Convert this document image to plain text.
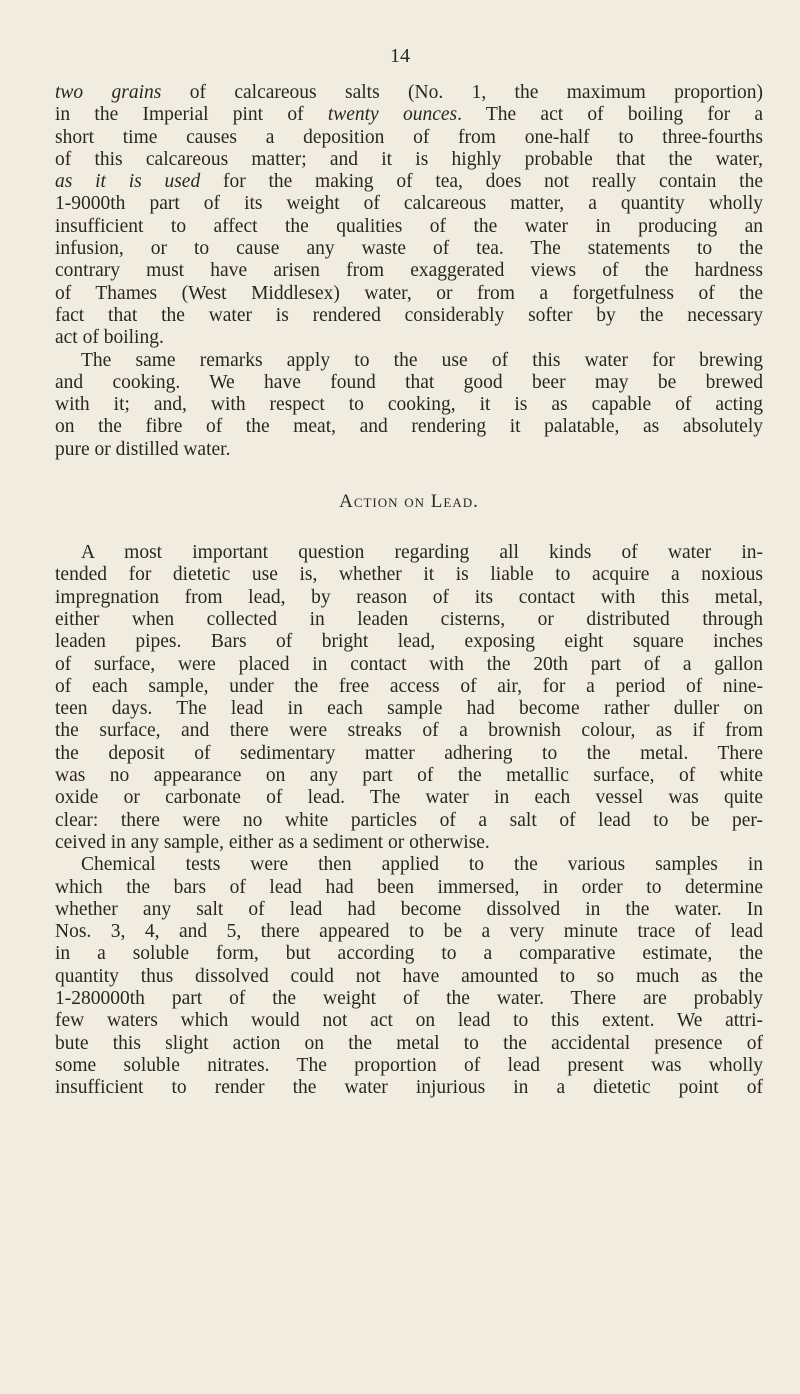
14
two grains of calcareous salts (No. 1, the maximum proportion)
in the Imperial pint of twenty ounces. The act of boiling for a
short time causes a deposition of from one-half to three-fourths
of this calcareous matter; and it is highly probable that the water,
as it is used for the making of tea, does not really contain the
1-9000th part of its weight of calcareous matter, a quantity wholly
insufficient to affect the qualities of the water in producing an
infusion, or to cause any waste of tea. The statements to the
contrary must have arisen from exaggerated views of the hardness
of Thames (West Middlesex) water, or from a forgetfulness of the
fact that the water is rendered considerably softer by the necessary
act of boiling.
The same remarks apply to the use of this water for brewing
and cooking. We have found that good beer may be brewed
with it; and, with respect to cooking, it is as capable of acting
on the fibre of the meat, and rendering it palatable, as absolutely
pure or distilled water.
Action on Lead.
A most important question regarding all kinds of water in-
tended for dietetic use is, whether it is liable to acquire a noxious
impregnation from lead, by reason of its contact with this metal,
either when collected in leaden cisterns, or distributed through
leaden pipes. Bars of bright lead, exposing eight square inches
of surface, were placed in contact with the 20th part of a gallon
of each sample, under the free access of air, for a period of nine-
teen days. The lead in each sample had become rather duller on
the surface, and there were streaks of a brownish colour, as if from
the deposit of sedimentary matter adhering to the metal. There
was no appearance on any part of the metallic surface, of white
oxide or carbonate of lead. The water in each vessel was quite
clear: there were no white particles of a salt of lead to be per-
ceived in any sample, either as a sediment or otherwise.
Chemical tests were then applied to the various samples in
which the bars of lead had been immersed, in order to determine
whether any salt of lead had become dissolved in the water. In
Nos. 3, 4, and 5, there appeared to be a very minute trace of lead
in a soluble form, but according to a comparative estimate, the
quantity thus dissolved could not have amounted to so much as the
1-280000th part of the weight of the water. There are probably
few waters which would not act on lead to this extent. We attri-
bute this slight action on the metal to the accidental presence of
some soluble nitrates. The proportion of lead present was wholly
insufficient to render the water injurious in a dietetic point of
